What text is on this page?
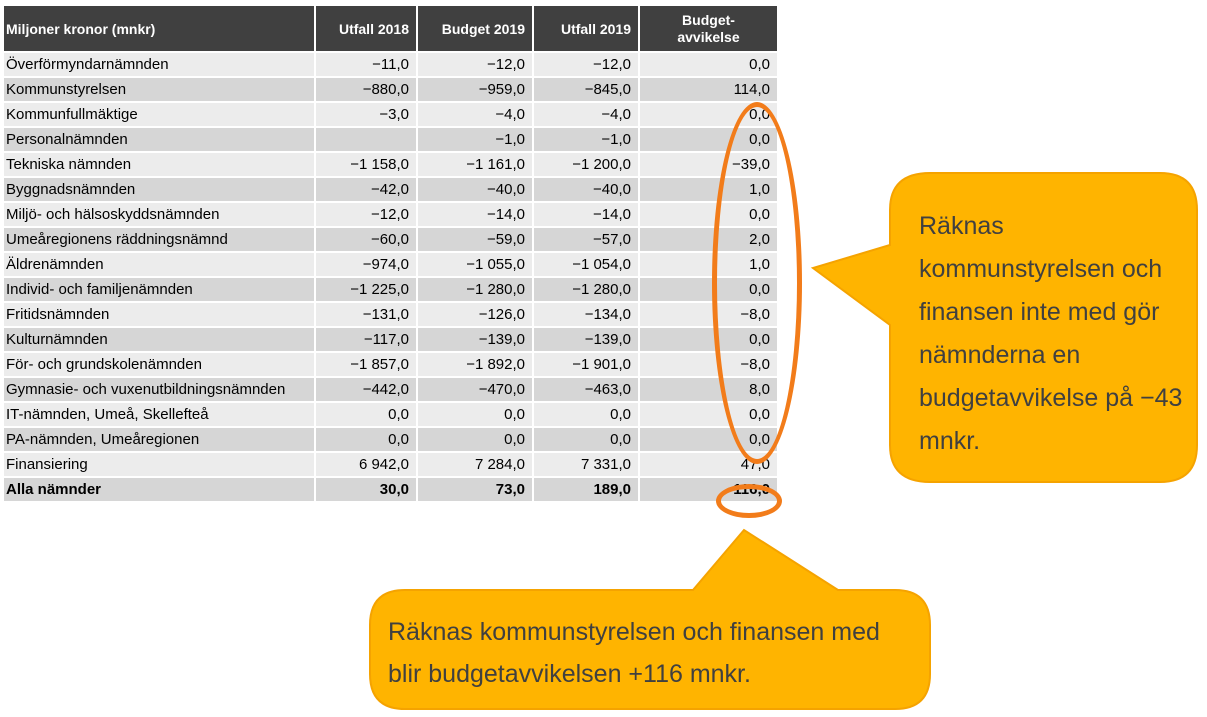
Miljoner kronor (mnkr)	Utfall 2018	Budget 2019	Utfall 2019	Budget-
avvikelse
Överförmyndarnämnden	−11,0	−12,0	−12,0	0,0
Kommunstyrelsen	−880,0	−959,0	−845,0	114,0
Kommunfullmäktige	−3,0	−4,0	−4,0	0,0
Personalnämnden		−1,0	−1,0	0,0
Tekniska nämnden	−1 158,0	−1 161,0	−1 200,0	−39,0
Byggnadsnämnden	−42,0	−40,0	−40,0	1,0
Miljö- och hälsoskyddsnämnden	−12,0	−14,0	−14,0	0,0
Umeåregionens räddningsnämnd	−60,0	−59,0	−57,0	2,0
Äldrenämnden	−974,0	−1 055,0	−1 054,0	1,0
Individ- och familjenämnden	−1 225,0	−1 280,0	−1 280,0	0,0
Fritidsnämnden	−131,0	−126,0	−134,0	−8,0
Kulturnämnden	−117,0	−139,0	−139,0	0,0
För- och grundskolenämnden	−1 857,0	−1 892,0	−1 901,0	−8,0
Gymnasie- och vuxenutbildningsnämnden	−442,0	−470,0	−463,0	8,0
IT-nämnden, Umeå, Skellefteå	0,0	0,0	0,0	0,0
PA-nämnden, Umeåregionen	0,0	0,0	0,0	0,0
Finansiering	6 942,0	7 284,0	7 331,0	47,0
Alla nämnder	30,0	73,0	189,0	116,0
Räknas kommunstyrelsen och finansen inte med gör nämnderna en budgetavvikelse på −43 mnkr.
Räknas kommunstyrelsen och finansen med blir budgetavvikelsen +116 mnkr.
